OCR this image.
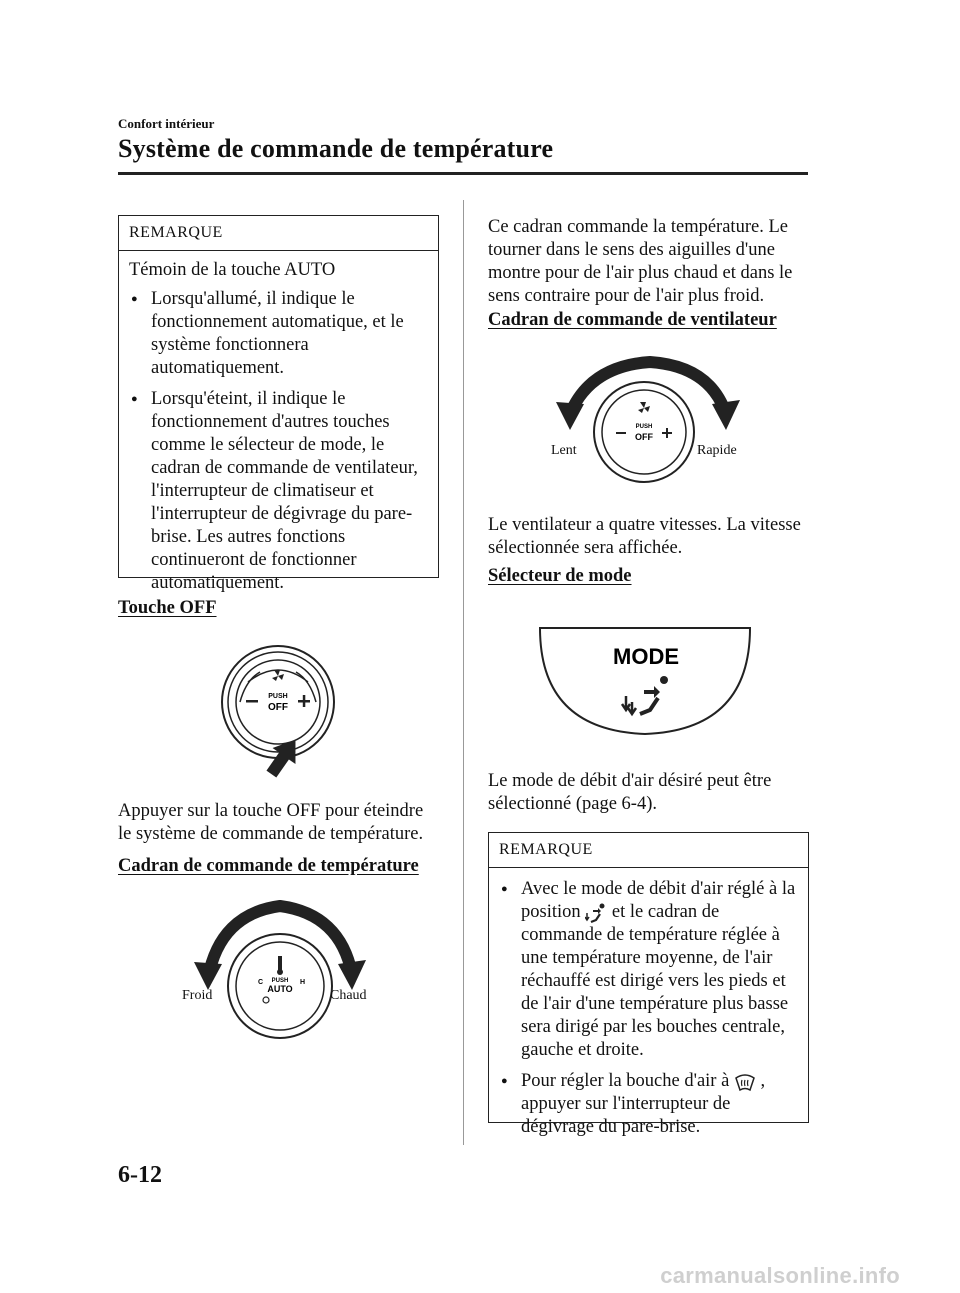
Confort intérieur
Système de commande de température
REMARQUE

Témoin de la touche AUTO

● Lorsqu'allumé, il indique le fonctionnement automatique, et le système fonctionnera automatiquement.
● Lorsqu'éteint, il indique le fonctionnement d'autres touches comme le sélecteur de mode, le cadran de commande de ventilateur, l'interrupteur de climatiseur et l'interrupteur de dégivrage du pare-brise. Les autres fonctions continueront de fonctionner automatiquement.
Touche OFF
PUSH
OFF
Appuyer sur la touche OFF pour éteindre le système de commande de température.
Cadran de commande de température
PUSH
AUTO
C	H
Froid	Chaud
Ce cadran commande la température. Le tourner dans le sens des aiguilles d'une montre pour de l'air plus chaud et dans le sens contraire pour de l'air plus froid.
Cadran de commande de ventilateur
PUSH
OFF
Lent	Rapide
Le ventilateur a quatre vitesses. La vitesse sélectionnée sera affichée.
Sélecteur de mode
MODE
Le mode de débit d'air désiré peut être sélectionné (page 6-4).
REMARQUE
● Avec le mode de débit d'air réglé à la position et le cadran de commande de température réglée à une température moyenne, de l'air réchauffé est dirigé vers les pieds et de l'air d'une température plus basse sera dirigé par les bouches centrale, gauche et droite.
● Pour régler la bouche d'air à , appuyer sur l'interrupteur de dégivrage du pare-brise.
6-12
carmanualsonline.info
